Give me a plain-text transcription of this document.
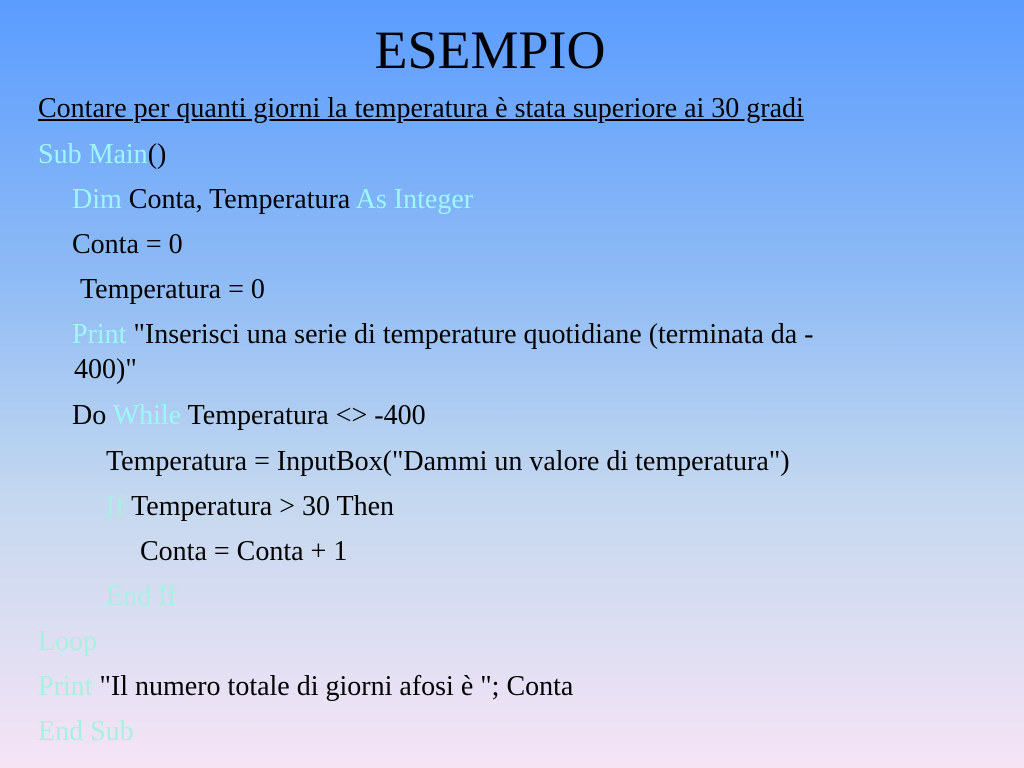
ESEMPIO
Contare per quanti giorni la temperatura è stata superiore ai 30 gradi
Sub Main()
Dim Conta, Temperatura As Integer
Conta = 0
Temperatura = 0
Print "Inserisci una serie di temperature quotidiane (terminata da -
400)"
Do While Temperatura <> -400
Temperatura = InputBox("Dammi un valore di temperatura")
If Temperatura > 30 Then
Conta = Conta + 1
End If
Loop
Print "Il numero totale di giorni afosi è "; Conta
End Sub
